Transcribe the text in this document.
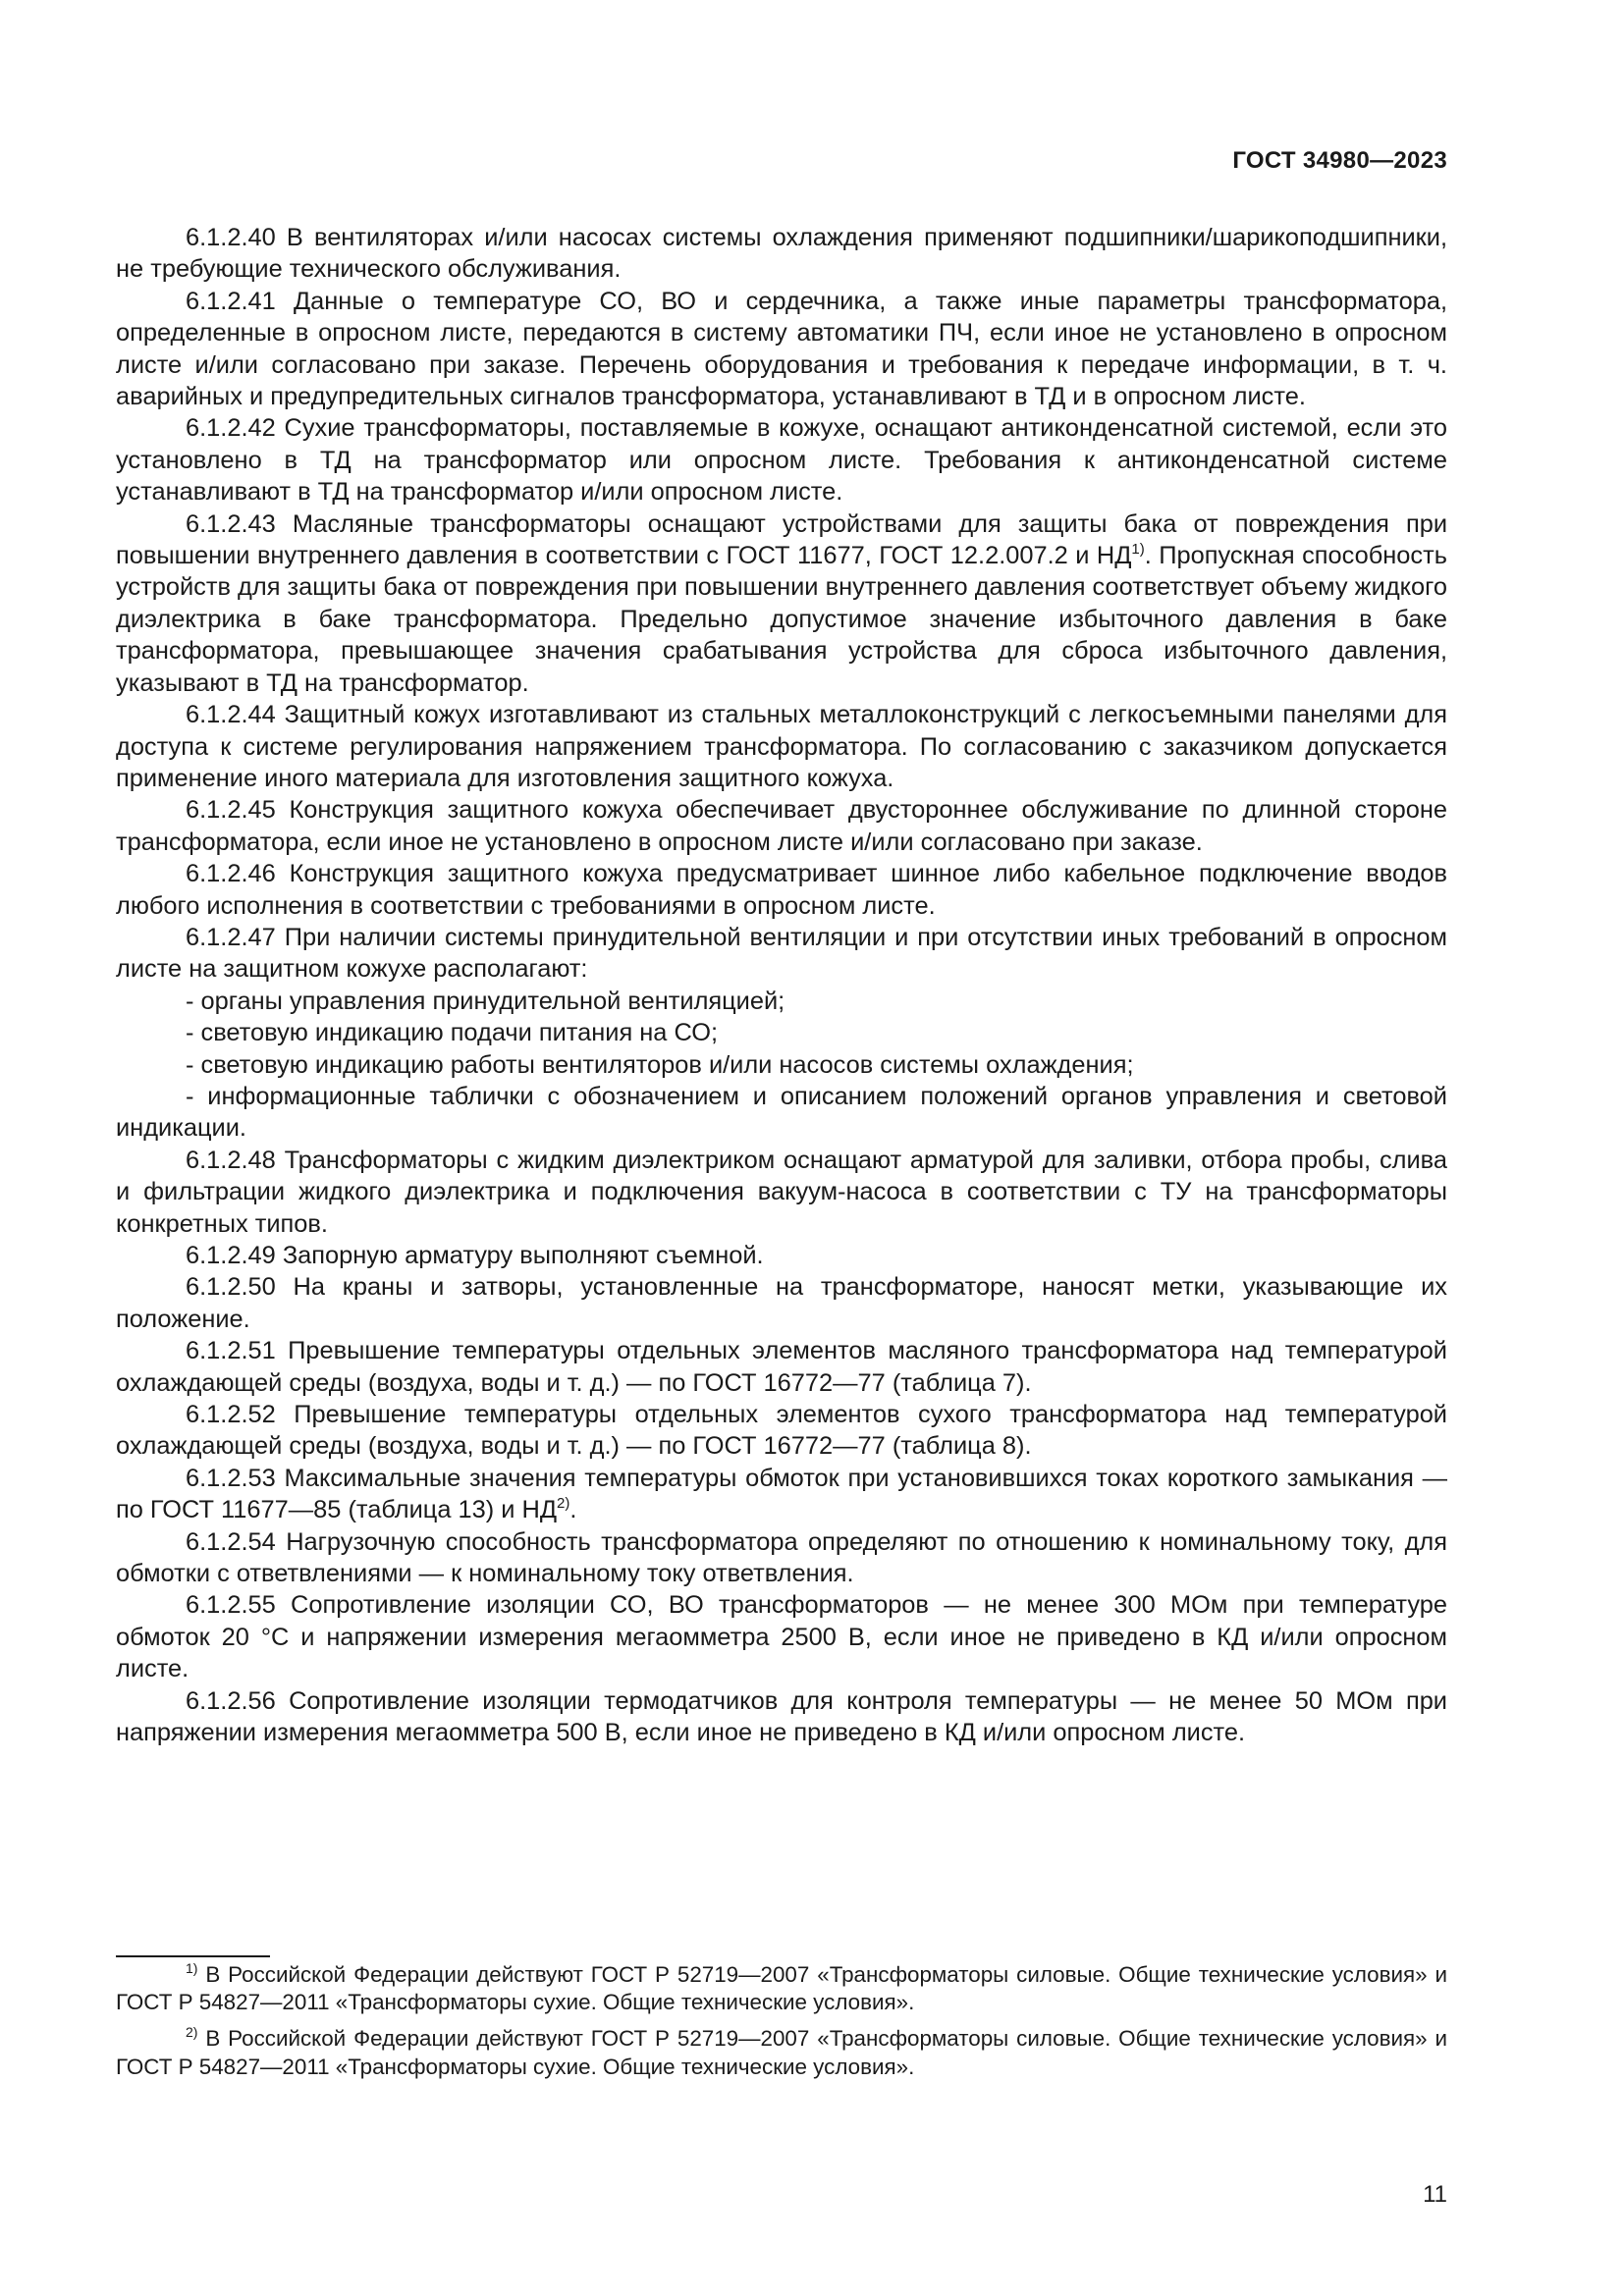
ГОСТ 34980—2023

6.1.2.40 В вентиляторах и/или насосах системы охлаждения применяют подшипники/шарикоподшипники, не требующие технического обслуживания.

6.1.2.41 Данные о температуре СО, ВО и сердечника, а также иные параметры трансформатора, определенные в опросном листе, передаются в систему автоматики ПЧ, если иное не установлено в опросном листе и/или согласовано при заказе. Перечень оборудования и требования к передаче информации, в т. ч. аварийных и предупредительных сигналов трансформатора, устанавливают в ТД и в опросном листе.

6.1.2.42 Сухие трансформаторы, поставляемые в кожухе, оснащают антиконденсатной системой, если это установлено в ТД на трансформатор или опросном листе. Требования к антиконденсатной системе устанавливают в ТД на трансформатор и/или опросном листе.

6.1.2.43 Масляные трансформаторы оснащают устройствами для защиты бака от повреждения при повышении внутреннего давления в соответствии с ГОСТ 11677, ГОСТ 12.2.007.2 и НД$^{1)}$. Пропускная способность устройств для защиты бака от повреждения при повышении внутреннего давления соответствует объему жидкого диэлектрика в баке трансформатора. Предельно допустимое значение избыточного давления в баке трансформатора, превышающее значения срабатывания устройства для сброса избыточного давления, указывают в ТД на трансформатор.

6.1.2.44 Защитный кожух изготавливают из стальных металлоконструкций с легкосъемными панелями для доступа к системе регулирования напряжением трансформатора. По согласованию с заказчиком допускается применение иного материала для изготовления защитного кожуха.

6.1.2.45 Конструкция защитного кожуха обеспечивает двустороннее обслуживание по длинной стороне трансформатора, если иное не установлено в опросном листе и/или согласовано при заказе.

6.1.2.46 Конструкция защитного кожуха предусматривает шинное либо кабельное подключение вводов любого исполнения в соответствии с требованиями в опросном листе.

6.1.2.47 При наличии системы принудительной вентиляции и при отсутствии иных требований в опросном листе на защитном кожухе располагают:

- органы управления принудительной вентиляцией;

- световую индикацию подачи питания на СО;

- световую индикацию работы вентиляторов и/или насосов системы охлаждения;

- информационные таблички с обозначением и описанием положений органов управления и световой индикации.

6.1.2.48 Трансформаторы с жидким диэлектриком оснащают арматурой для заливки, отбора пробы, слива и фильтрации жидкого диэлектрика и подключения вакуум-насоса в соответствии с ТУ на трансформаторы конкретных типов.

6.1.2.49 Запорную арматуру выполняют съемной.

6.1.2.50 На краны и затворы, установленные на трансформаторе, наносят метки, указывающие их положение.

6.1.2.51 Превышение температуры отдельных элементов масляного трансформатора над температурой охлаждающей среды (воздуха, воды и т. д.) — по ГОСТ 16772—77 (таблица 7).

6.1.2.52 Превышение температуры отдельных элементов сухого трансформатора над температурой охлаждающей среды (воздуха, воды и т. д.) — по ГОСТ 16772—77 (таблица 8).

6.1.2.53 Максимальные значения температуры обмоток при установившихся токах короткого замыкания — по ГОСТ 11677—85 (таблица 13) и НД$^{2)}$.

6.1.2.54 Нагрузочную способность трансформатора определяют по отношению к номинальному току, для обмотки с ответвлениями — к номинальному току ответвления.

6.1.2.55 Сопротивление изоляции СО, ВО трансформаторов — не менее 300 МОм при температуре обмоток 20 °С и напряжении измерения мегаомметра 2500 В, если иное не приведено в КД и/или опросном листе.

6.1.2.56 Сопротивление изоляции термодатчиков для контроля температуры — не менее 50 МОм при напряжении измерения мегаомметра 500 В, если иное не приведено в КД и/или опросном листе.

$^{1)}$ В Российской Федерации действуют ГОСТ Р 52719—2007 «Трансформаторы силовые. Общие технические условия» и ГОСТ Р 54827—2011 «Трансформаторы сухие. Общие технические условия».

$^{2)}$ В Российской Федерации действуют ГОСТ Р 52719—2007 «Трансформаторы силовые. Общие технические условия» и ГОСТ Р 54827—2011 «Трансформаторы сухие. Общие технические условия».

11
